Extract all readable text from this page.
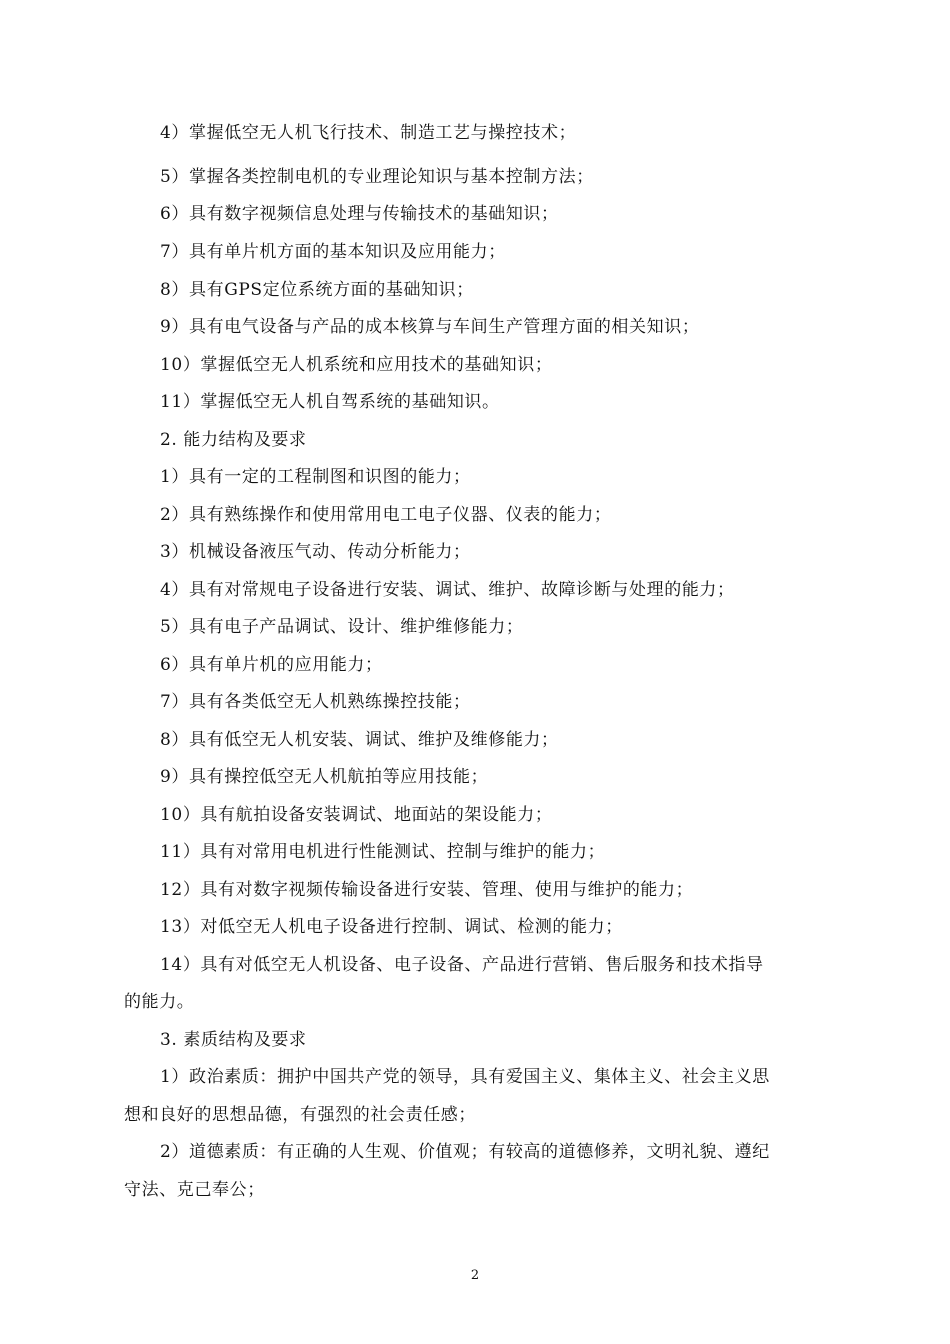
4）掌握低空无人机飞行技术、制造工艺与操控技术；
5）掌握各类控制电机的专业理论知识与基本控制方法；
6）具有数字视频信息处理与传输技术的基础知识；
7）具有单片机方面的基本知识及应用能力；
8）具有GPS定位系统方面的基础知识；
9）具有电气设备与产品的成本核算与车间生产管理方面的相关知识；
10）掌握低空无人机系统和应用技术的基础知识；
11）掌握低空无人机自驾系统的基础知识。
2. 能力结构及要求
1）具有一定的工程制图和识图的能力；
2）具有熟练操作和使用常用电工电子仪器、仪表的能力；
3）机械设备液压气动、传动分析能力；
4）具有对常规电子设备进行安装、调试、维护、故障诊断与处理的能力；
5）具有电子产品调试、设计、维护维修能力；
6）具有单片机的应用能力；
7）具有各类低空无人机熟练操控技能；
8）具有低空无人机安装、调试、维护及维修能力；
9）具有操控低空无人机航拍等应用技能；
10）具有航拍设备安装调试、地面站的架设能力；
11）具有对常用电机进行性能测试、控制与维护的能力；
12）具有对数字视频传输设备进行安装、管理、使用与维护的能力；
13）对低空无人机电子设备进行控制、调试、检测的能力；
14）具有对低空无人机设备、电子设备、产品进行营销、售后服务和技术指导
的能力。
3. 素质结构及要求
1）政治素质：拥护中国共产党的领导，具有爱国主义、集体主义、社会主义思
想和良好的思想品德，有强烈的社会责任感；
2）道德素质：有正确的人生观、价值观；有较高的道德修养，文明礼貌、遵纪
守法、克己奉公；
2
